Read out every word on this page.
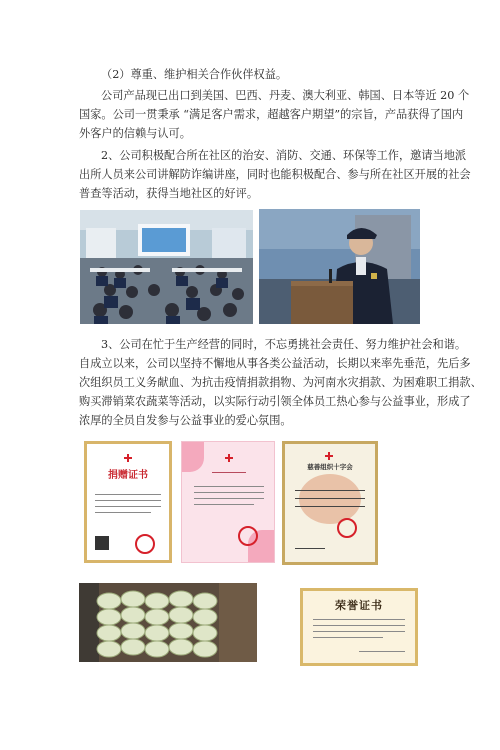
（2）尊重、维护相关合作伙伴权益。
公司产品现已出口到美国、巴西、丹麦、澳大利亚、韩国、日本等近 20 个
国家。公司一贯秉承 “满足客户需求，超越客户期望”的宗旨，产品获得了国内
外客户的信赖与认可。
2、公司积极配合所在社区的治安、消防、交通、环保等工作，邀请当地派
出所人员来公司讲解防诈编讲座，同时也能积极配合、参与所在社区开展的社会
普查等活动，获得当地社区的好评。
3、公司在忙于生产经营的同时，不忘勇挑社会责任、努力维护社会和谐。
自成立以来，公司以坚持不懈地从事各类公益活动，长期以来率先垂范，先后多
次组织员工义务献血、为抗击疫情捐款捐物、为河南水灾捐款、为困难职工捐款、
购买滞销菜农蔬菜等活动，以实际行动引领全体员工热心参与公益事业，形成了
浓厚的全员自发参与公益事业的爱心氛围。
捐赠证书
慈善组织十字会
荣誉证书
